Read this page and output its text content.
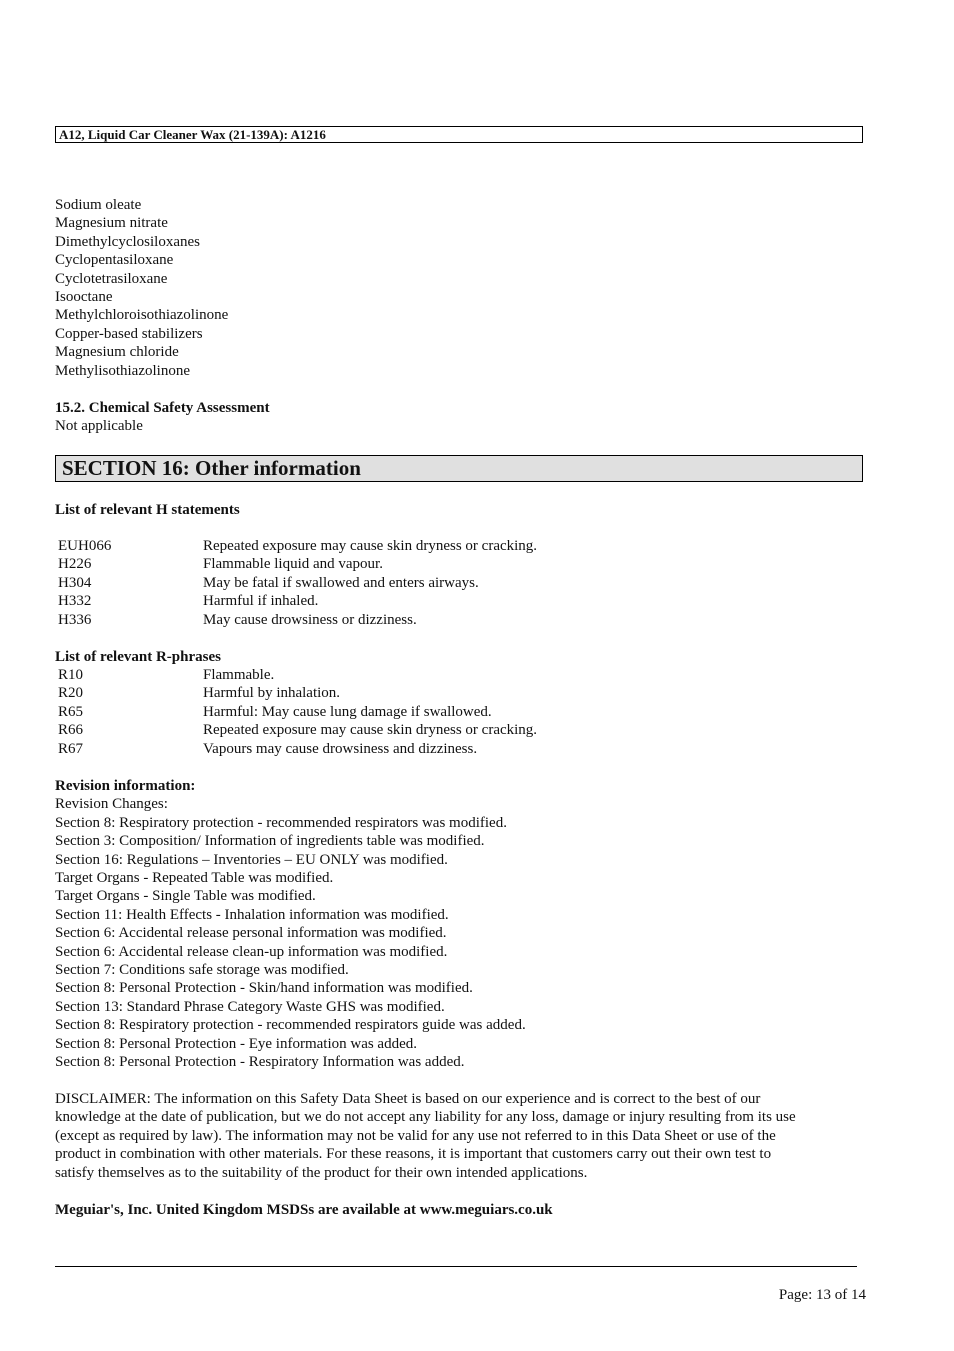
A12, Liquid Car Cleaner Wax (21-139A): A1216
Sodium oleate
Magnesium nitrate
Dimethylcyclosiloxanes
Cyclopentasiloxane
Cyclotetrasiloxane
Isooctane
Methylchloroisothiazolinone
Copper-based stabilizers
Magnesium chloride
Methylisothiazolinone
15.2. Chemical Safety Assessment
Not applicable
SECTION 16: Other information
List of relevant H statements
EUH066	Repeated exposure may cause skin dryness or cracking.
H226	Flammable liquid and vapour.
H304	May be fatal if swallowed and enters airways.
H332	Harmful if inhaled.
H336	May cause drowsiness or dizziness.
List of relevant R-phrases
R10	Flammable.
R20	Harmful by inhalation.
R65	Harmful: May cause lung damage if swallowed.
R66	Repeated exposure may cause skin dryness or cracking.
R67	Vapours may cause drowsiness and dizziness.
Revision information:
Revision Changes:
Section 8: Respiratory protection - recommended respirators was modified.
Section 3: Composition/ Information of ingredients table was modified.
Section 16: Regulations – Inventories – EU ONLY was modified.
Target Organs - Repeated Table was modified.
Target Organs - Single Table was modified.
Section 11: Health Effects - Inhalation information was modified.
Section 6: Accidental release personal information was modified.
Section 6: Accidental release clean-up information was modified.
Section 7: Conditions safe storage was modified.
Section 8: Personal Protection - Skin/hand information was modified.
Section 13: Standard Phrase Category Waste GHS was modified.
Section 8: Respiratory protection - recommended respirators guide was added.
Section 8: Personal Protection - Eye information was added.
Section 8: Personal Protection - Respiratory Information was added.
DISCLAIMER: The information on this Safety Data Sheet is based on our experience and is correct to the best of our
knowledge at the date of publication, but we do not accept any liability for any loss, damage or injury resulting from its use
(except as required by law). The information may not be valid for any use not referred to in this Data Sheet or use of the
product in combination with other materials. For these reasons, it is important that customers carry out their own test to
satisfy themselves as to the suitability of the product for their own intended applications.
Meguiar's, Inc. United Kingdom MSDSs are available at www.meguiars.co.uk
Page: 13 of 14
